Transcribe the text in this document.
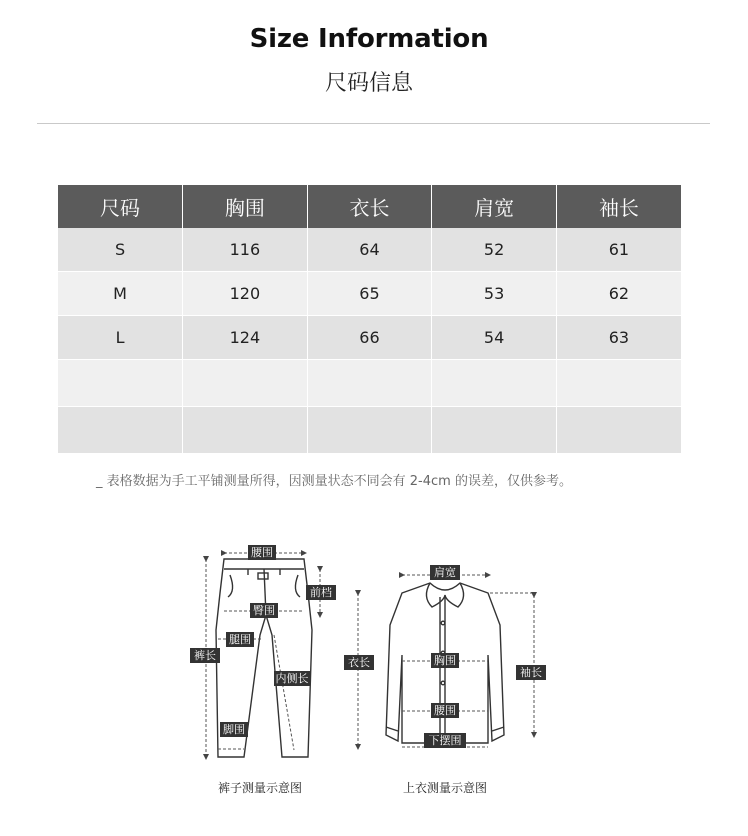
Size Information
尺码信息
尺码	胸围	衣长	肩宽	袖长
S	116	64	52	61
M	120	65	53	62
L	124	66	54	63

_ 表格数据为手工平铺测量所得，因测量状态不同会有 2-4cm 的误差，仅供参考。
腰围
前档
臀围
腿围
裤长
内侧长
脚围
裤子测量示意图
肩宽
衣长	胸围
袖长
腰围
下摆围
上衣测量示意图
